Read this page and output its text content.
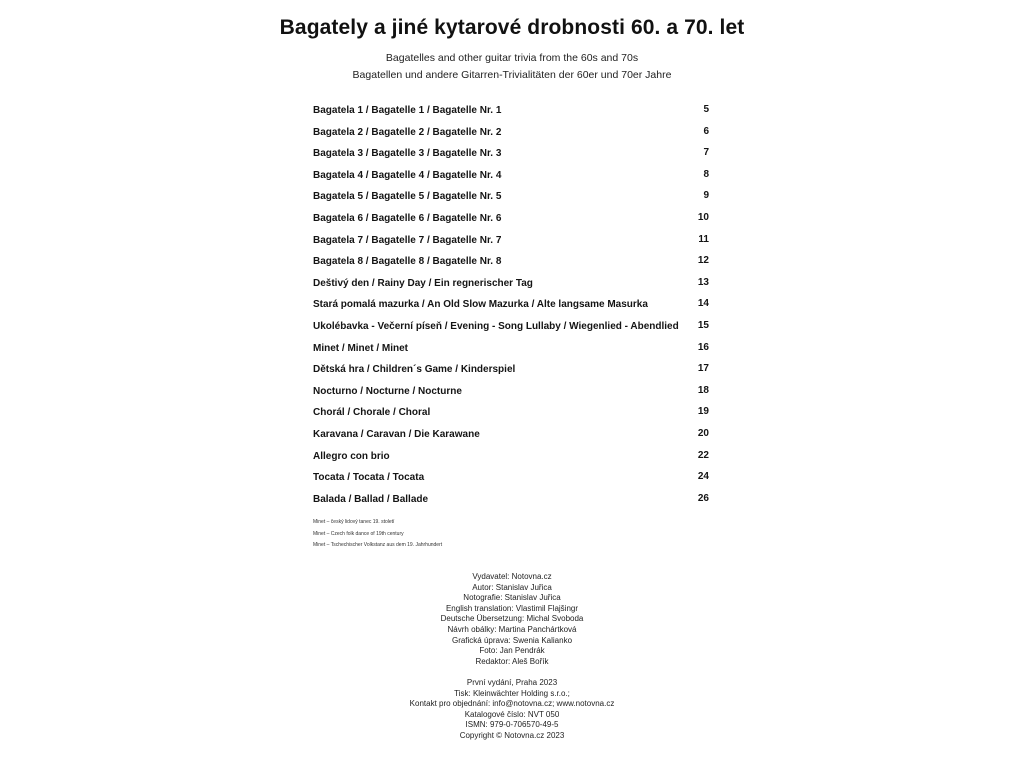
Bagately a jiné kytarové drobnosti 60. a 70. let
Bagatelles and other guitar trivia from the 60s and 70s
Bagatellen und andere Gitarren-Trivialitäten der 60er und 70er Jahre
Bagatela 1 / Bagatelle 1 / Bagatelle Nr. 1	5
Bagatela 2 / Bagatelle 2 / Bagatelle Nr. 2	6
Bagatela 3 / Bagatelle 3 / Bagatelle Nr. 3	7
Bagatela 4 / Bagatelle 4 / Bagatelle Nr. 4	8
Bagatela 5 / Bagatelle 5 / Bagatelle Nr. 5	9
Bagatela 6 / Bagatelle 6 / Bagatelle Nr. 6	10
Bagatela 7 / Bagatelle 7 / Bagatelle Nr. 7	11
Bagatela 8 / Bagatelle 8 / Bagatelle Nr. 8	12
Deštivý den / Rainy Day / Ein regnerischer Tag	13
Stará pomalá mazurka / An Old Slow Mazurka / Alte langsame Masurka	14
Ukolébavka - Večerní píseň / Evening - Song Lullaby / Wiegenlied - Abendlied 15
Minet / Minet / Minet	16
Dětská hra / Children´s Game / Kinderspiel	17
Nocturno / Nocturne / Nocturne	18
Chorál / Chorale / Choral	19
Karavana / Caravan / Die Karawane	20
Allegro con brio	22
Tocata / Tocata / Tocata	24
Balada / Ballad / Ballade	26
Minet – český lidový tanec 19. století
Minet – Czech folk dance of 19th century
Minet – Tschechischer Volkstanz aus dem 19. Jahrhundert
Vydavatel: Notovna.cz
Autor: Stanislav Juřica
Notografie: Stanislav Juřica
English translation: Vlastimil Flajšingr
Deutsche Übersetzung: Michal Svoboda
Návrh obálky: Martina Panchártková
Grafická úprava: Swenia Kalianko
Foto: Jan Pendrák
Redaktor: Aleš Bořík
První vydání, Praha 2023
Tisk: Kleinwächter Holding s.r.o.;
Kontakt pro objednání: info@notovna.cz; www.notovna.cz
Katalogové číslo: NVT 050
ISMN: 979-0-706570-49-5
Copyright © Notovna.cz 2023
